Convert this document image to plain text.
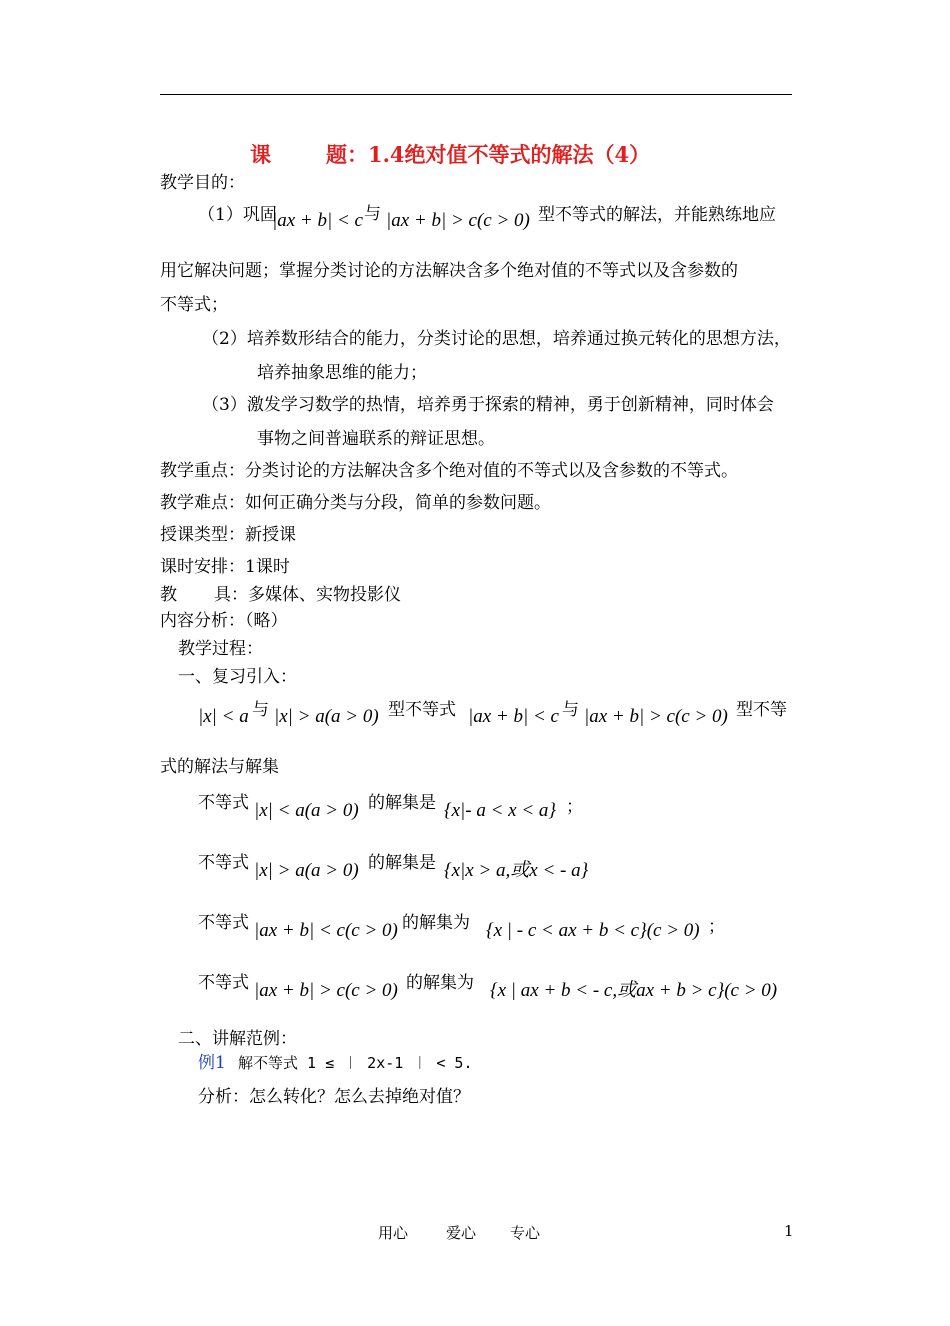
课	题：1.4绝对值不等式的解法（4）
教学目的：
（1）巩固
|ax + b| < c 与 |ax + b| > c(c > 0) 型不等式的解法，并能熟练地应
用它解决问题；掌握分类讨论的方法解决含多个绝对值的不等式以及含参数的
不等式；
（2）培养数形结合的能力，分类讨论的思想，培养通过换元转化的思想方法，
培养抽象思维的能力；
（3）激发学习数学的热情，培养勇于探索的精神，勇于创新精神，同时体会
事物之间普遍联系的辩证思想。
教学重点：分类讨论的方法解决含多个绝对值的不等式以及含参数的不等式。
教学难点：如何正确分类与分段，简单的参数问题。
授课类型：新授课
课时安排：1课时
教 具：多媒体、实物投影仪
内容分析：（略）
教学过程：
一、复习引入：
|x| < a 与 |x| > a(a > 0) 型不等式 |ax + b| < c 与 |ax + b| > c(c > 0) 型不等
式的解法与解集
不等式 |x| < a(a > 0) 的解集是 {x|- a < x < a} ；
不等式 |x| > a(a > 0) 的解集是 {x|x > a,或x < - a}
不等式 |ax + b| < c(c > 0) 的解集为 {x | - c < ax + b < c}(c > 0) ；
不等式 |ax + b| > c(c > 0) 的解集为 {x | ax + b < - c,或ax + b > c}(c > 0)
二、讲解范例：
例1 解不等式 1 ≤ ︱ 2x-1 ︱ < 5.
分析：怎么转化？怎么去掉绝对值？
用心	爱心 专心	1
